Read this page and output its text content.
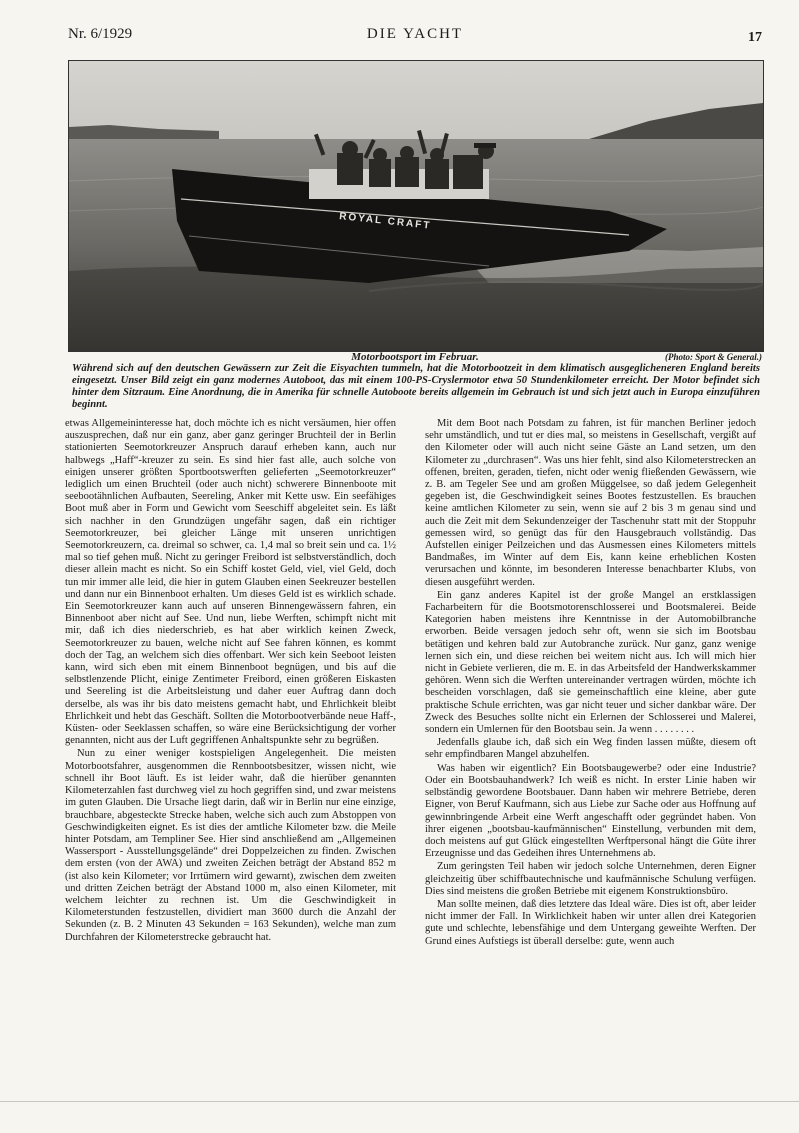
Nr. 6/1929	DIE YACHT	17
ROYAL CRAFT
Motorbootsport im Februar.	(Photo: Sport & General.)

Während sich auf den deutschen Gewässern zur Zeit die Eisyachten tummeln, hat die Motorbootzeit in dem klimatisch ausgeglicheneren England bereits eingesetzt. Unser Bild zeigt ein ganz modernes Autoboot, das mit einem 100-PS-Cryslermotor etwa 50 Stundenkilometer erreicht. Der Motor befindet sich hinter dem Sitzraum. Eine Anordnung, die in Amerika für schnelle Autoboote bereits allgemein im Gebrauch ist und sich jetzt auch in Europa einzuführen beginnt.

etwas Allgemeininteresse hat, doch möchte ich es nicht versäumen, hier offen auszusprechen, daß nur ein ganz, aber ganz geringer Bruchteil der in Berlin stationierten Seemotorkreuzer Anspruch darauf erheben kann, auch nur halbwegs „Haff“-kreuzer zu sein. Es sind hier fast alle, auch solche von einigen unserer größten Sportbootswerften gelieferten „Seemotorkreuzer“ lediglich um einen Bruchteil (oder auch nicht) schwerere Binnenboote mit seebootähnlichen Aufbauten, Seereling, Anker mit Kette usw. Ein seefähiges Boot muß aber in Form und Gewicht vom Seeschiff abgeleitet sein. Es läßt sich nachher in den Grundzügen ungefähr sagen, daß ein richtiger Seemotorkreuzer, bei gleicher Länge mit unseren unrichtigen Seemotorkreuzern, ca. dreimal so schwer, ca. 1,4 mal so breit sein und ca. 1½ mal so tief gehen muß. Nicht zu geringer Freibord ist selbstverständlich, doch dieser allein macht es nicht. So ein Schiff kostet Geld, viel, viel Geld, doch tun mir immer alle leid, die hier in gutem Glauben einen Seekreuzer bestellen und dann nur ein Binnenboot erhalten. Um dieses Geld ist es wirklich schade. Ein Seemotorkreuzer kann auch auf unseren Binnengewässern fahren, ein Binnenboot aber nicht auf See. Und nun, liebe Werften, schimpft nicht mit mir, daß ich dies niederschrieb, es hat aber wirklich keinen Zweck, Seemotorkreuzer zu bauen, welche nicht auf See fahren können, es kommt doch der Tag, an welchem sich dies offenbart. Wer sich kein Seeboot leisten kann, wird sich eben mit einem Binnenboot begnügen, und bis auf die selbstlenzende Plicht, einige Zentimeter Freibord, einen größeren Eiskasten und Seereling ist die Arbeitsleistung und daher euer Auftrag dann doch derselbe, als was ihr bis dato meistens gemacht habt, und Ehrlichkeit bleibt Ehrlichkeit und hebt das Geschäft. Sollten die Motorbootverbände neue Haff-, Küsten- oder Seeklassen schaffen, so wäre eine Berücksichtigung der vorher genannten, nicht aus der Luft gegriffenen Anhaltspunkte sehr zu begrüßen.

Nun zu einer weniger kostspieligen Angelegenheit. Die meisten Motorbootsfahrer, ausgenommen die Rennbootsbesitzer, wissen nicht, wie schnell ihr Boot läuft. Es ist leider wahr, daß die hierüber genannten Kilometerzahlen fast durchweg viel zu hoch gegriffen sind, und zwar meistens im guten Glauben. Die Ursache liegt darin, daß wir in Berlin nur eine einzige, brauchbare, abgesteckte Strecke haben, welche sich auch zum Abstoppen von Geschwindigkeiten eignet. Es ist dies der amtliche Kilometer bzw. die Meile hinter Potsdam, am Templiner See. Hier sind anschließend am „Allgemeinen Wassersport - Ausstellungsgelände“ drei Doppelzeichen zu finden. Zwischen dem ersten (von der AWA) und zweiten Zeichen beträgt der Abstand 852 m (ist also kein Kilometer; vor Irrtümern wird gewarnt), zwischen dem zweiten und dritten Zeichen beträgt der Abstand 1000 m, also einen Kilometer, mit welchem leichter zu rechnen ist. Um die Geschwindigkeit in Kilometerstunden festzustellen, dividiert man 3600 durch die Anzahl der Sekunden (z. B. 2 Minuten 43 Sekunden = 163 Sekunden), welche man zum Durchfahren der Kilometerstrecke gebraucht hat.

Mit dem Boot nach Potsdam zu fahren, ist für manchen Berliner jedoch sehr umständlich, und tut er dies mal, so meistens in Gesellschaft, vergißt auf den Kilometer oder will auch nicht seine Gäste an Land setzen, um den Kilometer zu „durchrasen“. Was uns hier fehlt, sind also Kilometerstrecken an offenen, breiten, geraden, tiefen, nicht oder wenig fließenden Gewässern, wie z. B. am Tegeler See und am großen Müggelsee, so daß jedem Gelegenheit gegeben ist, die Geschwindigkeit seines Bootes festzustellen. Es brauchen keine amtlichen Kilometer zu sein, wenn sie auf 2 bis 3 m genau sind und auch die Zeit mit dem Sekundenzeiger der Taschenuhr statt mit der Stoppuhr gemessen wird, so genügt das für den Hausgebrauch vollständig. Das Aufstellen einiger Peilzeichen und das Ausmessen eines Kilometers mittels Bandmaßes, im Winter auf dem Eis, kann keine erheblichen Kosten verursachen und könnte, im besonderen Interesse benachbarter Klubs, von diesen ausgeführt werden.

Ein ganz anderes Kapitel ist der große Mangel an erstklassigen Facharbeitern für die Bootsmotorenschlosserei und Bootsmalerei. Beide Kategorien haben meistens ihre Kenntnisse in der Automobilbranche erworben. Beide versagen jedoch sehr oft, wenn sie sich im Bootsbau betätigen und kehren bald zur Autobranche zurück. Nur ganz, ganz wenige lernen sich ein, und diese reichen bei weitem nicht aus. Ich will mich hier nicht in Gebiete verlieren, die m. E. in das Arbeitsfeld der Handwerkskammer gehören. Wenn sich die Werften untereinander vertragen würden, möchte ich bescheiden vorschlagen, daß sie gemeinschaftlich eine kleine, aber gute praktische Schule errichten, was gar nicht teuer und sicher dankbar wäre. Der Zweck des Besuches sollte nicht ein Erlernen der Schlosserei und Malerei, sondern ein Umlernen für den Bootsbau sein. Ja wenn . . . . . . . .

Jedenfalls glaube ich, daß sich ein Weg finden lassen müßte, diesem oft sehr empfindbaren Mangel abzuhelfen.

Was haben wir eigentlich? Ein Bootsbaugewerbe? oder eine Industrie? Oder ein Bootsbauhandwerk? Ich weiß es nicht. In erster Linie haben wir selbständig gewordene Bootsbauer. Dann haben wir mehrere Betriebe, deren Eigner, von Beruf Kaufmann, sich aus Liebe zur Sache oder aus Hoffnung auf gewinnbringende Arbeit eine Werft angeschafft oder gegründet haben. Von ihrer eigenen „bootsbau-kaufmännischen“ Einstellung, verbunden mit dem, doch meistens auf gut Glück eingestellten Werftpersonal hängt die Güte ihrer Erzeugnisse und das Gedeihen ihres Unternehmens ab.

Zum geringsten Teil haben wir jedoch solche Unternehmen, deren Eigner gleichzeitig über schiffbautechnische und kaufmännische Schulung verfügen. Dies sind meistens die großen Betriebe mit eigenem Konstruktionsbüro.

Man sollte meinen, daß dies letztere das Ideal wäre. Dies ist oft, aber leider nicht immer der Fall. In Wirklichkeit haben wir unter allen drei Kategorien gute und schlechte, lebensfähige und dem Untergang geweihte Werften. Der Grund eines Aufstiegs ist überall derselbe: gute, wenn auch
